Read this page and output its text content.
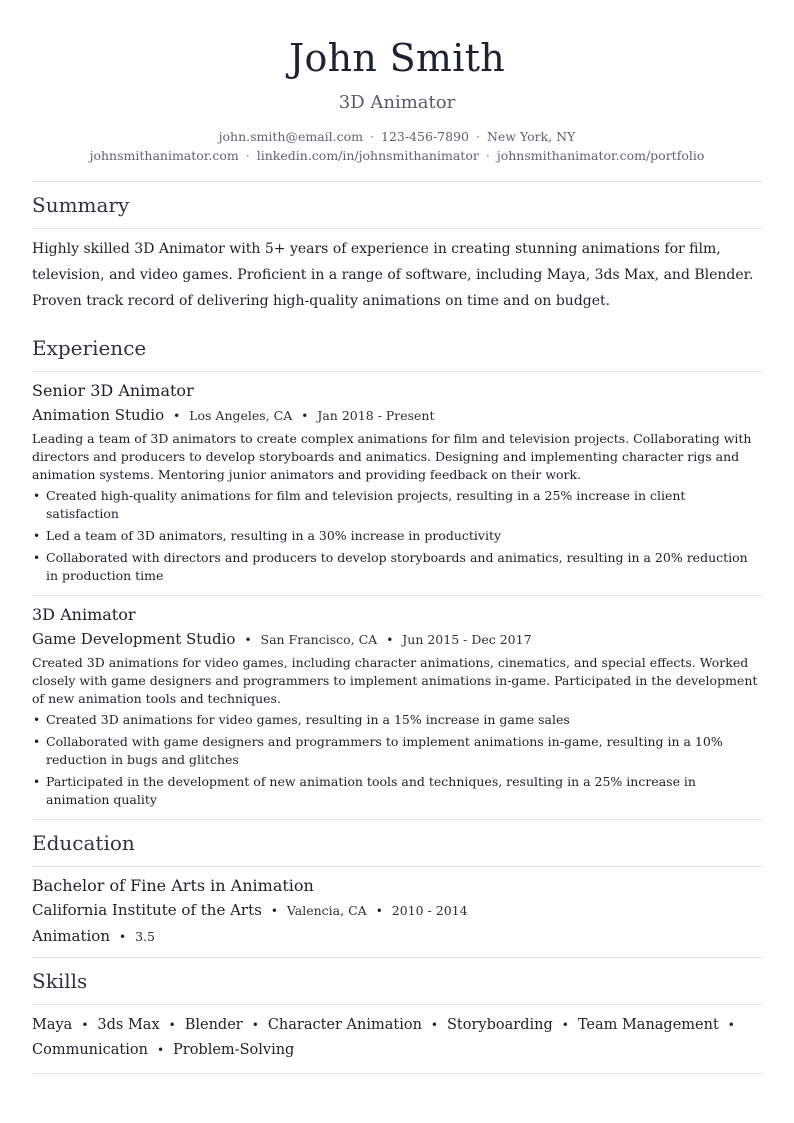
John Smith
3D Animator
john.smith@email.com · 123-456-7890 · New York, NY
johnsmithanimator.com · linkedin.com/in/johnsmithanimator · johnsmithanimator.com/portfolio
Summary
Highly skilled 3D Animator with 5+ years of experience in creating stunning animations for film, television, and video games. Proficient in a range of software, including Maya, 3ds Max, and Blender. Proven track record of delivering high-quality animations on time and on budget.
Experience
Senior 3D Animator
Animation Studio • Los Angeles, CA • Jan 2018 - Present
Leading a team of 3D animators to create complex animations for film and television projects. Collaborating with directors and producers to develop storyboards and animatics. Designing and implementing character rigs and animation systems. Mentoring junior animators and providing feedback on their work.
• Created high-quality animations for film and television projects, resulting in a 25% increase in client satisfaction
• Led a team of 3D animators, resulting in a 30% increase in productivity
• Collaborated with directors and producers to develop storyboards and animatics, resulting in a 20% reduction in production time
3D Animator
Game Development Studio • San Francisco, CA • Jun 2015 - Dec 2017
Created 3D animations for video games, including character animations, cinematics, and special effects. Worked closely with game designers and programmers to implement animations in-game. Participated in the development of new animation tools and techniques.
• Created 3D animations for video games, resulting in a 15% increase in game sales
• Collaborated with game designers and programmers to implement animations in-game, resulting in a 10% reduction in bugs and glitches
• Participated in the development of new animation tools and techniques, resulting in a 25% increase in animation quality
Education
Bachelor of Fine Arts in Animation
California Institute of the Arts • Valencia, CA • 2010 - 2014
Animation • 3.5
Skills
Maya • 3ds Max • Blender • Character Animation • Storyboarding • Team Management •
Communication • Problem-Solving
